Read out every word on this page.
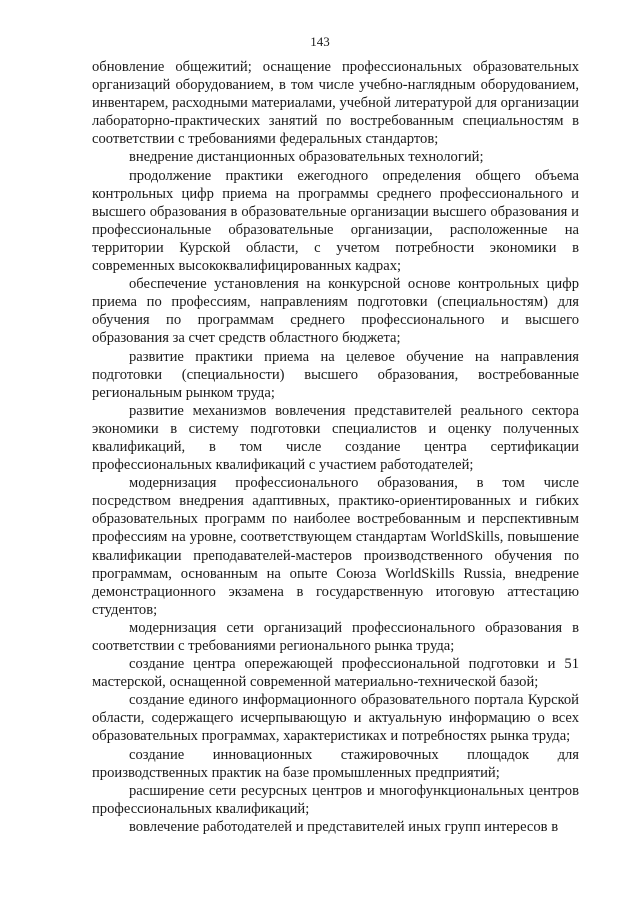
143

обновление общежитий; оснащение профессиональных образовательных организаций оборудованием, в том числе учебно-наглядным оборудованием, инвентарем, расходными материалами, учебной литературой для организации лабораторно-практических занятий по востребованным специальностям в соответствии с требованиями федеральных стандартов;

внедрение дистанционных образовательных технологий;

продолжение практики ежегодного определения общего объема контрольных цифр приема на программы среднего профессионального и высшего образования в образовательные организации высшего образования и профессиональные образовательные организации, расположенные на территории Курской области, с учетом потребности экономики в современных высококвалифицированных кадрах;

обеспечение установления на конкурсной основе контрольных цифр приема по профессиям, направлениям подготовки (специальностям) для обучения по программам среднего профессионального и высшего образования за счет средств областного бюджета;

развитие практики приема на целевое обучение на направления подготовки (специальности) высшего образования, востребованные региональным рынком труда;

развитие механизмов вовлечения представителей реального сектора экономики в систему подготовки специалистов и оценку полученных квалификаций, в том числе создание центра сертификации профессиональных квалификаций с участием работодателей;

модернизация профессионального образования, в том числе посредством внедрения адаптивных, практико-ориентированных и гибких образовательных программ по наиболее востребованным и перспективным профессиям на уровне, соответствующем стандартам WorldSkills, повышение квалификации преподавателей-мастеров производственного обучения по программам, основанным на опыте Союза WorldSkills Russia, внедрение демонстрационного экзамена в государственную итоговую аттестацию студентов;

модернизация сети организаций профессионального образования в соответствии с требованиями регионального рынка труда;

создание центра опережающей профессиональной подготовки и 51 мастерской, оснащенной современной материально-технической базой;

создание единого информационного образовательного портала Курской области, содержащего исчерпывающую и актуальную информацию о всех образовательных программах, характеристиках и потребностях рынка труда;

создание инновационных стажировочных площадок для производственных практик на базе промышленных предприятий;

расширение сети ресурсных центров и многофункциональных центров профессиональных квалификаций;

вовлечение работодателей и представителей иных групп интересов в
